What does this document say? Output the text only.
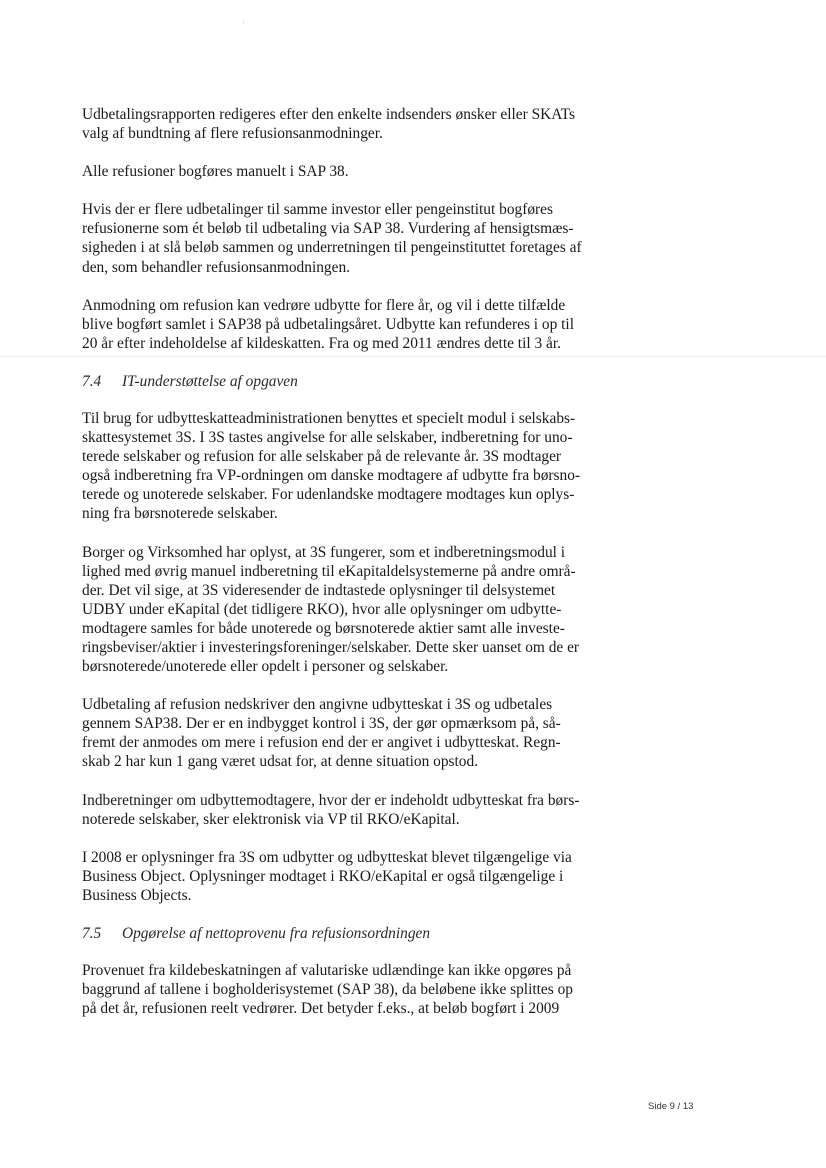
Udbetalingsrapporten redigeres efter den enkelte indsenders ønsker eller SKATs
valg af bundtning af flere refusionsanmodninger.
Alle refusioner bogføres manuelt i SAP 38.
Hvis der er flere udbetalinger til samme investor eller pengeinstitut bogføres
refusionerne som ét beløb til udbetaling via SAP 38. Vurdering af hensigtsmæs-
sigheden i at slå beløb sammen og underretningen til pengeinstituttet foretages af
den, som behandler refusionsanmodningen.
Anmodning om refusion kan vedrøre udbytte for flere år, og vil i dette tilfælde
blive bogført samlet i SAP38 på udbetalingsåret. Udbytte kan refunderes i op til
20 år efter indeholdelse af kildeskatten. Fra og med 2011 ændres dette til 3 år.
7.4 IT-understøttelse af opgaven
Til brug for udbytteskatteadministrationen benyttes et specielt modul i selskabs-
skattesystemet 3S. I 3S tastes angivelse for alle selskaber, indberetning for uno-
terede selskaber og refusion for alle selskaber på de relevante år. 3S modtager
også indberetning fra VP-ordningen om danske modtagere af udbytte fra børsno-
terede og unoterede selskaber. For udenlandske modtagere modtages kun oplys-
ning fra børsnoterede selskaber.
Borger og Virksomhed har oplyst, at 3S fungerer, som et indberetningsmodul i
lighed med øvrig manuel indberetning til eKapitaldelsystemerne på andre områ-
der. Det vil sige, at 3S videresender de indtastede oplysninger til delsystemet
UDBY under eKapital (det tidligere RKO), hvor alle oplysninger om udbytte-
modtagere samles for både unoterede og børsnoterede aktier samt alle investe-
ringsbeviser/aktier i investeringsforeninger/selskaber. Dette sker uanset om de er
børsnoterede/unoterede eller opdelt i personer og selskaber.
Udbetaling af refusion nedskriver den angivne udbytteskat i 3S og udbetales
gennem SAP38. Der er en indbygget kontrol i 3S, der gør opmærksom på, så-
fremt der anmodes om mere i refusion end der er angivet i udbytteskat. Regn-
skab 2 har kun 1 gang været udsat for, at denne situation opstod.
Indberetninger om udbyttemodtagere, hvor der er indeholdt udbytteskat fra børs-
noterede selskaber, sker elektronisk via VP til RKO/eKapital.
I 2008 er oplysninger fra 3S om udbytter og udbytteskat blevet tilgængelige via
Business Object. Oplysninger modtaget i RKO/eKapital er også tilgængelige i
Business Objects.
7.5 Opgørelse af nettoprovenu fra refusionsordningen
Provenuet fra kildebeskatningen af valutariske udlændinge kan ikke opgøres på
baggrund af tallene i bogholderisystemet (SAP 38), da beløbene ikke splittes op
på det år, refusionen reelt vedrører. Det betyder f.eks., at beløb bogført i 2009
Side 9 / 13
